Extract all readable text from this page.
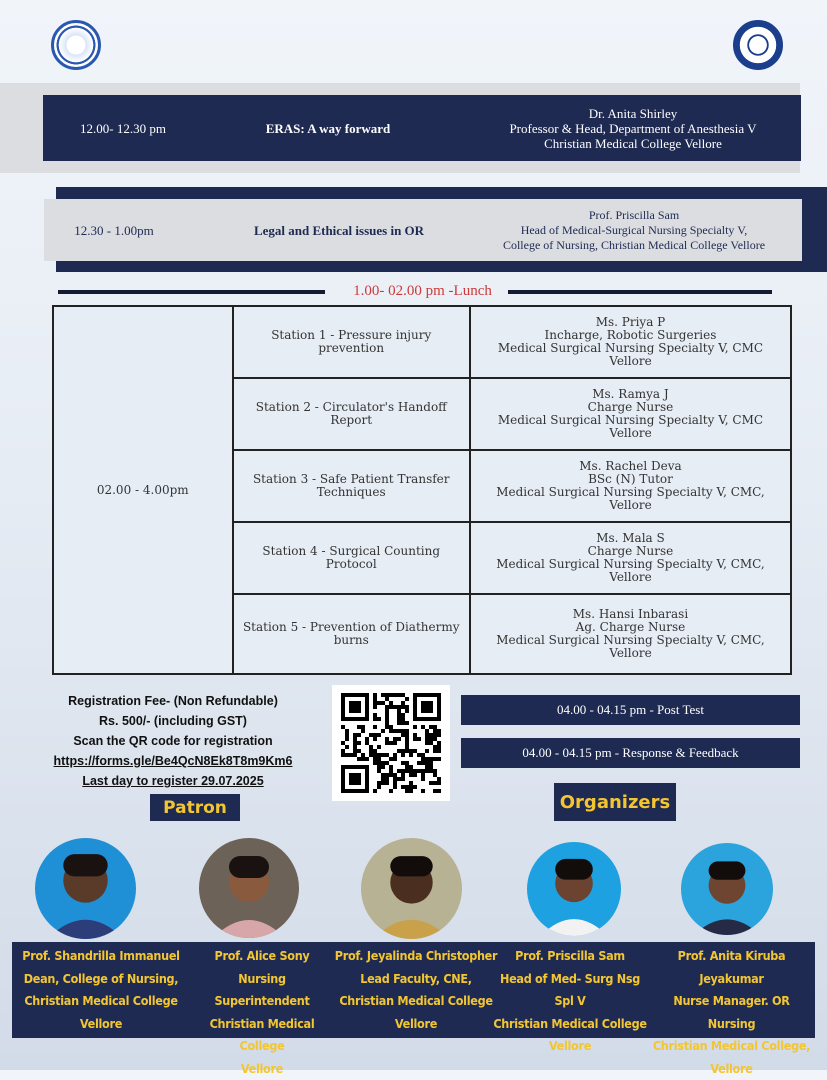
12.00- 12.30 pm	ERAS: A way forward
Dr. Anita Shirley
Professor & Head, Department of Anesthesia V
Christian Medical College Vellore
12.30 - 1.00pm	Legal and Ethical issues in OR
Prof. Priscilla Sam
Head of Medical-Surgical Nursing Specialty V,
College of Nursing, Christian Medical College Vellore
1.00- 02.00 pm -Lunch
02.00 - 4.00pm	Station 1 - Pressure injury prevention	Ms. Priya P
Incharge, Robotic Surgeries
Medical Surgical Nursing Specialty V, CMC Vellore

	Station 2 - Circulator's Handoff Report	Ms. Ramya J
Charge Nurse
Medical Surgical Nursing Specialty V, CMC Vellore

	Station 3 - Safe Patient Transfer Techniques	Ms. Rachel Deva
BSc (N) Tutor
Medical Surgical Nursing Specialty V, CMC, Vellore

	Station 4 - Surgical Counting Protocol	Ms. Mala S
Charge Nurse
Medical Surgical Nursing Specialty V, CMC, Vellore

	Station 5 - Prevention of Diathermy burns	Ms. Hansi Inbarasi
Ag. Charge Nurse
Medical Surgical Nursing Specialty V, CMC, Vellore
Registration Fee- (Non Refundable)
Rs. 500/- (including GST)
Scan the QR code for registration
https://forms.gle/Be4QcN8Ek8T8m9Km6
Last day to register 29.07.2025
04.00 - 04.15 pm - Post Test
04.00 - 04.15 pm - Response & Feedback
Patron	Organizers
Prof. Shandrilla Immanuel
Dean, College of Nursing,
Christian Medical College
Vellore
Prof. Alice Sony
Nursing Superintendent
Christian Medical College
Vellore
Prof. Jeyalinda Christopher
Lead Faculty, CNE,
Christian Medical College
Vellore
Prof. Priscilla Sam
Head of Med- Surg Nsg Spl V
Christian Medical College
Vellore
Prof. Anita Kiruba Jeyakumar
Nurse Manager. OR Nursing
Christian Medical College,
Vellore
